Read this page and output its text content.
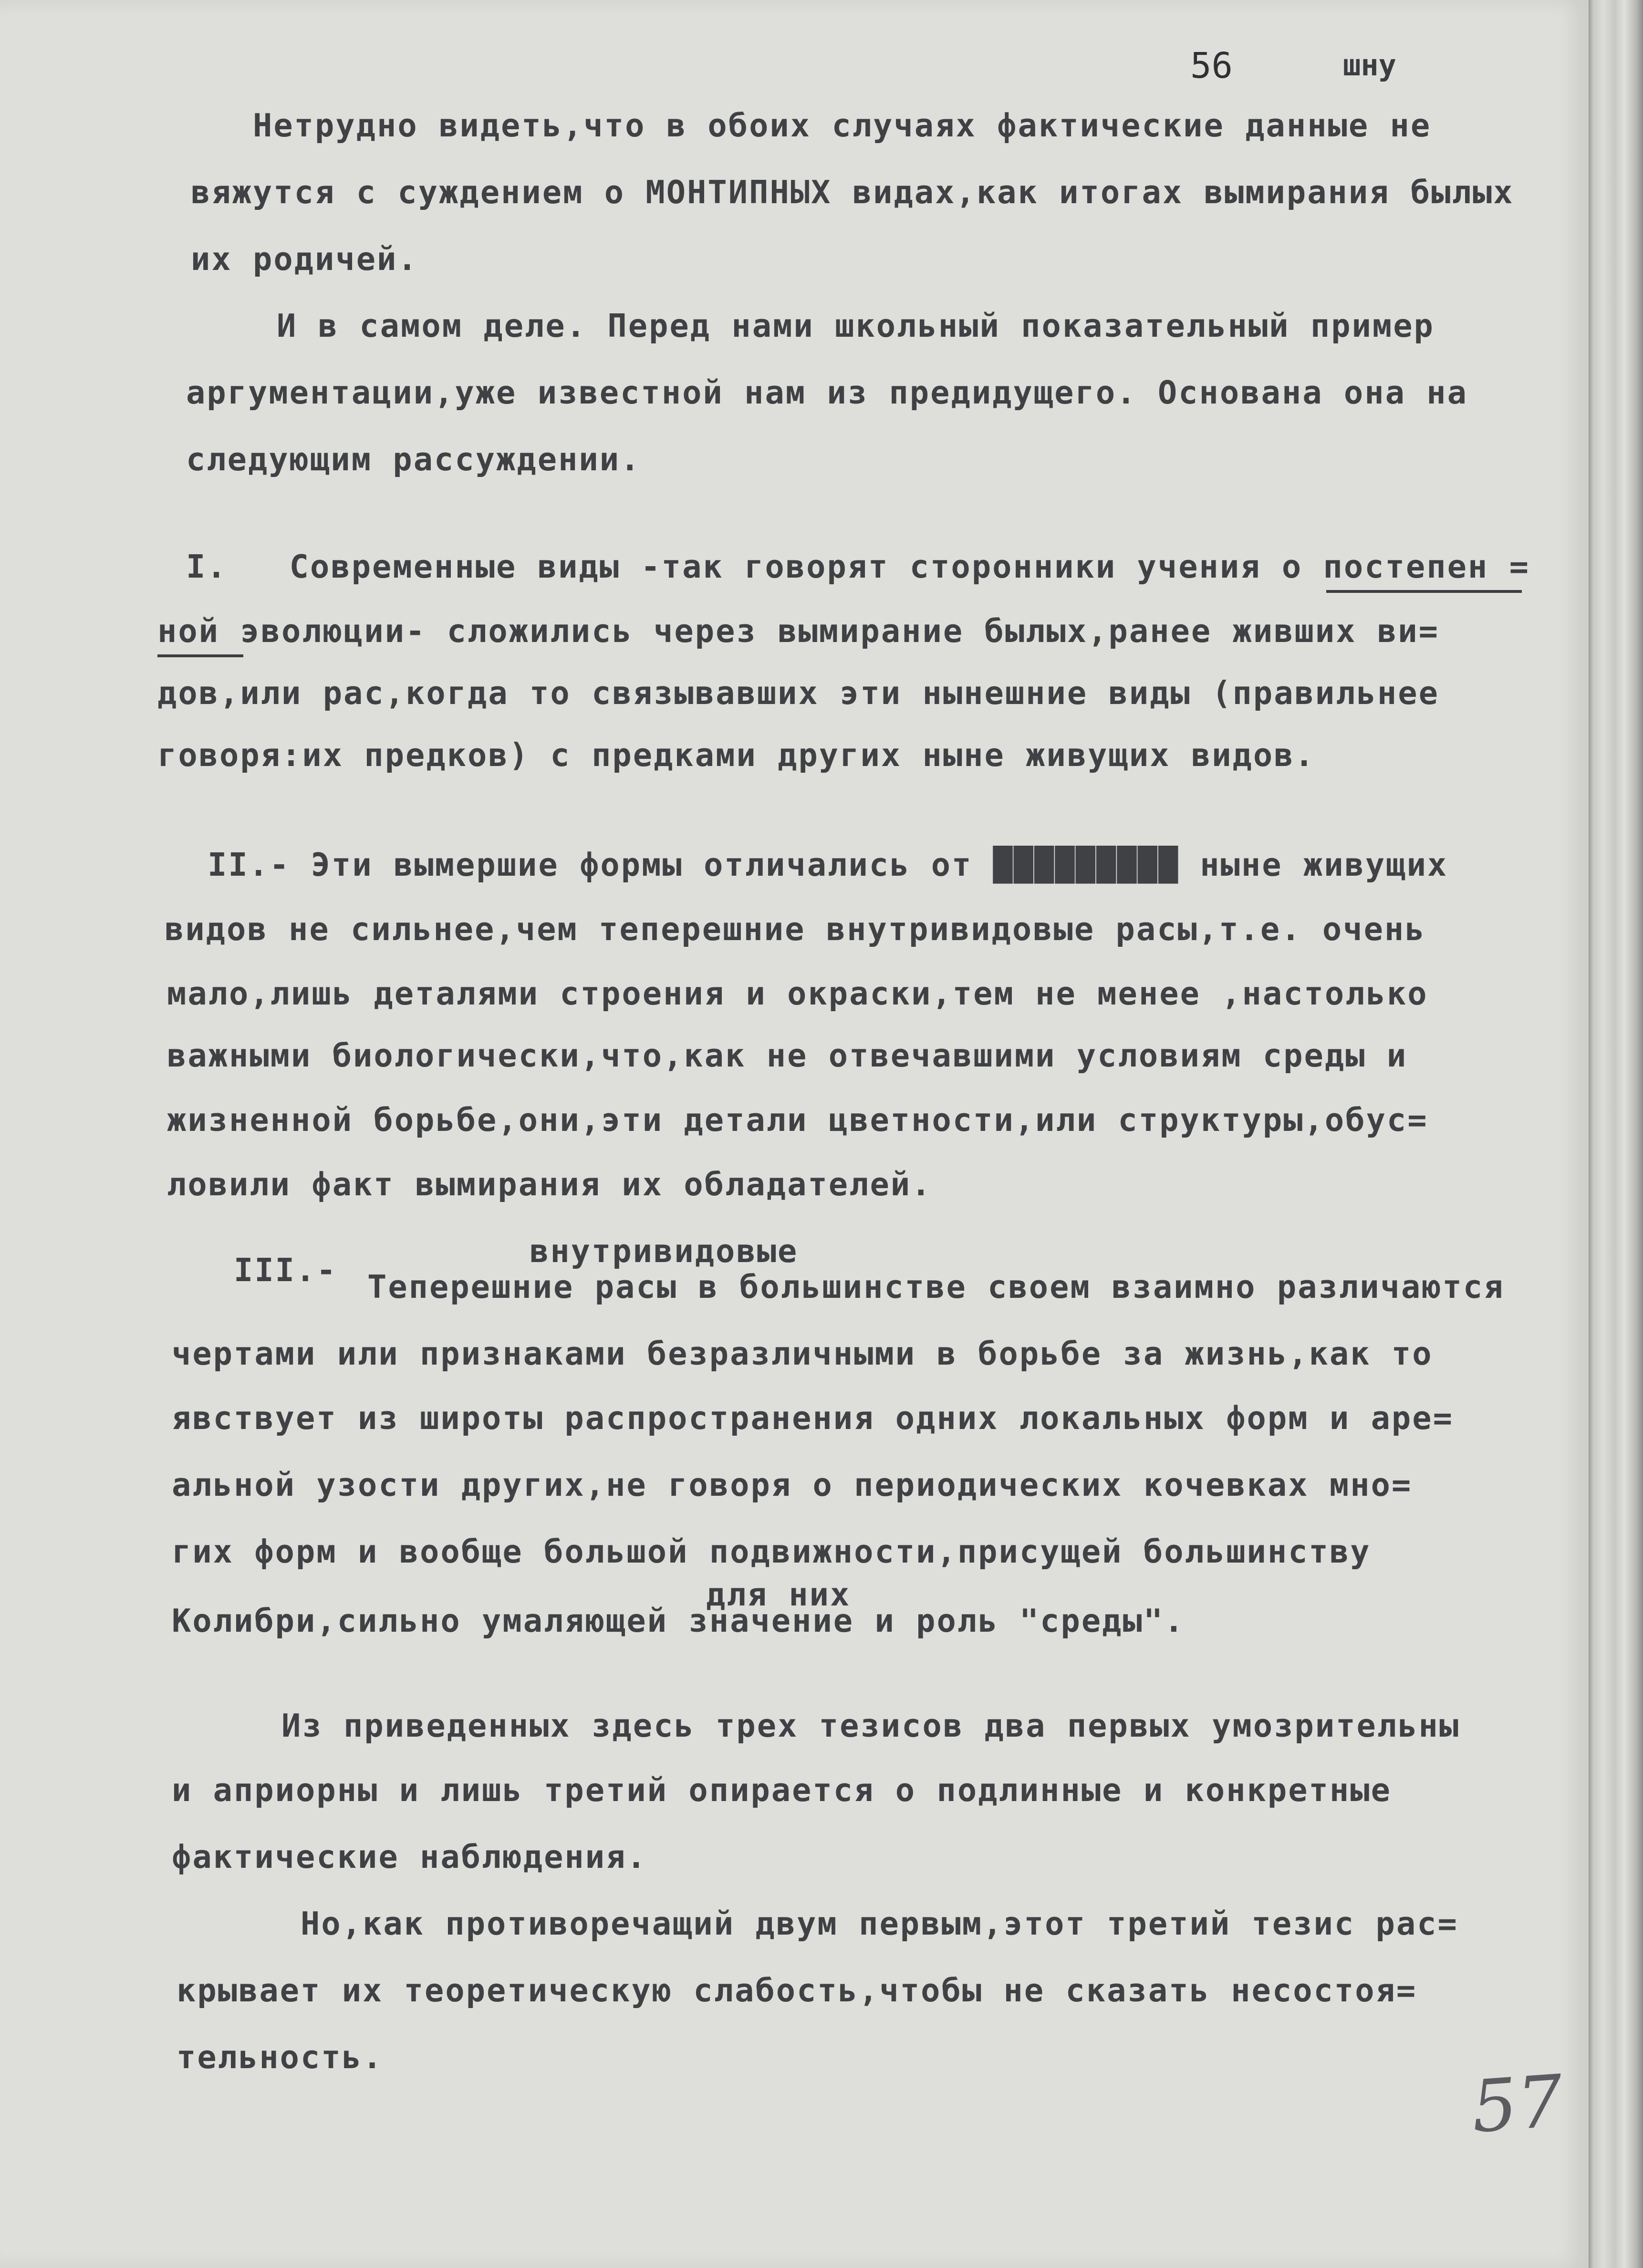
56	шну

Нетрудно видеть,что в обоих случаях фактические данные не

вяжутся с суждением о МОНТИПНЫХ видах,как итогах вымирания былых

их родичей.

И в самом деле. Перед нами школьный показательный пример

аргументации,уже известной нам из предидущего. Основана она на

следующим рассуждении.

I.   Современные виды -так говорят сторонники учения о постепен =

ной эволюции- сложились через вымирание былых,ранее живших ви=

дов,или рас,когда то связывавших эти нынешние виды (правильнее

говоря:их предков) с предками других ныне живущих видов.

II.- Эти вымершие формы отличались от █████████ ныне живущих

видов не сильнее,чем теперешние внутривидовые расы,т.е. очень

мало,лишь деталями строения и окраски,тем не менее ,настолько

важными биологически,что,как не отвечавшими условиям среды и

жизненной борьбе,они,эти детали цветности,или структуры,обус=

ловили факт вымирания их обладателей.

внутривидовые

III.- Теперешние расы в большинстве своем взаимно различаются

чертами или признаками безразличными в борьбе за жизнь,как то

явствует из широты распространения одних локальных форм и аре=

альной узости других,не говоря о периодических кочевках мно=

гих форм и вообще большой подвижности,присущей большинству

для них

Колибри,сильно умаляющей значение и роль "среды".

Из приведенных здесь трех тезисов два первых умозрительны

и априорны и лишь третий опирается о подлинные и конкретные

фактические наблюдения.

Но,как противоречащий двум первым,этот третий тезис рас=

крывает их теоретическую слабость,чтобы не сказать несостоя=

тельность.

57
